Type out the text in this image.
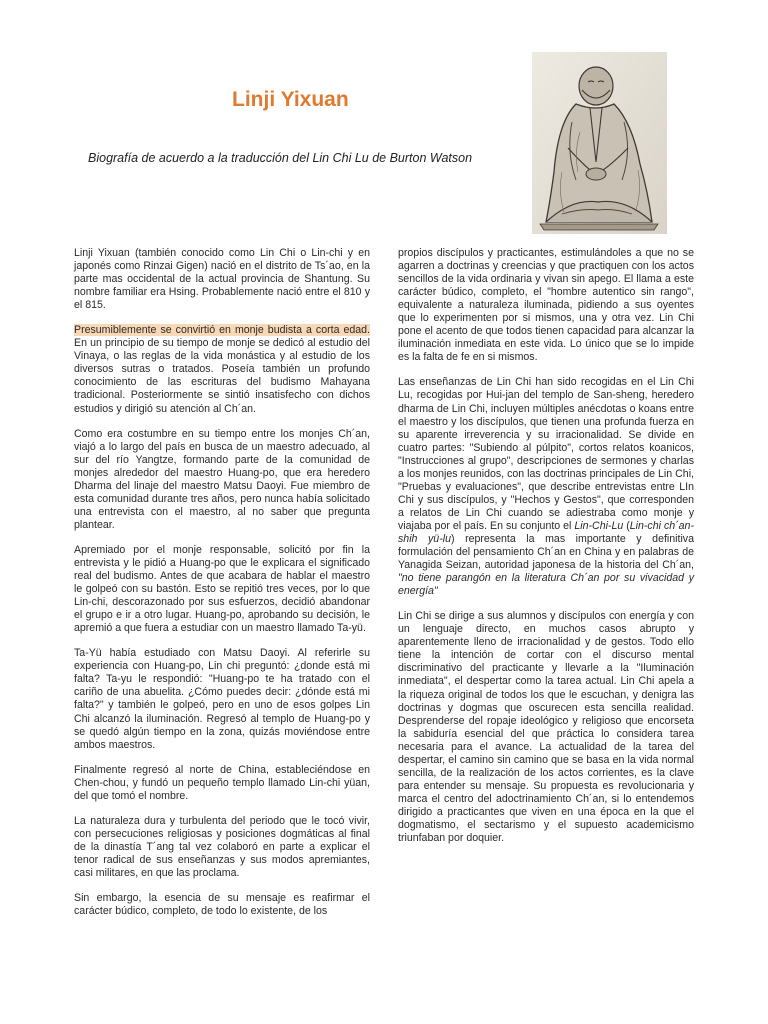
Linji Yixuan

Biografía de acuerdo a la traducción del Lin Chi Lu de Burton Watson

Linji Yixuan (también conocido como Lin Chi o Lin-chi y en japonés como Rinzai Gigen) nació en el distrito de Ts´ao, en la parte mas occidental de la actual provincia de Shantung. Su nombre familiar era Hsing. Probablemente nació entre el 810 y el 815.

Presumiblemente se convirtió en monje budista a corta edad. En un principio de su tiempo de monje se dedicó al estudio del Vinaya, o las reglas de la vida monástica y al estudio de los diversos sutras o tratados. Poseía también un profundo conocimiento de las escrituras del budismo Mahayana tradicional. Posteriormente se sintió insatisfecho con dichos estudios y dirigió su atención al Ch´an.

Como era costumbre en su tiempo entre los monjes Ch´an, viajó a lo largo del país en busca de un maestro adecuado, al sur del río Yangtze, formando parte de la comunidad de monjes alrededor del maestro Huang-po, que era heredero Dharma del linaje del maestro Matsu Daoyi. Fue miembro de esta comunidad durante tres años, pero nunca había solicitado una entrevista con el maestro, al no saber que pregunta plantear.

Apremiado por el monje responsable, solicitó por fin la entrevista y le pidió a Huang-po que le explicara el significado real del budismo. Antes de que acabara de hablar el maestro le golpeó con su bastón. Esto se repitió tres veces, por lo que Lin-chi, descorazonado por sus esfuerzos, decidió abandonar el grupo e ir a otro lugar. Huang-po, aprobando su decisión, le apremió a que fuera a estudiar con un maestro llamado Ta-yü.

Ta-Yü había estudiado con Matsu Daoyi. Al referirle su experiencia con Huang-po, Lin chi preguntó: ¿donde está mi falta? Ta-yu le respondió: "Huang-po te ha tratado con el cariño de una abuelita. ¿Cómo puedes decir: ¿dónde está mi falta?" y también le golpeó, pero en uno de esos golpes Lin Chi alcanzó la iluminación. Regresó al templo de Huang-po y se quedó algún tiempo en la zona, quizás moviéndose entre ambos maestros.

Finalmente regresó al norte de China, estableciéndose en Chen-chou, y fundó un pequeño templo llamado Lin-chi yüan, del que tomó el nombre.

La naturaleza dura y turbulenta del periodo que le tocó vivir, con persecuciones religiosas y posiciones dogmáticas al final de la dinastía T´ang tal vez colaboró en parte a explicar el tenor radical de sus enseñanzas y sus modos apremiantes, casi militares, en que las proclama.

Sin embargo, la esencia de su mensaje es reafirmar el carácter búdico, completo, de todo lo existente, de los

propios discípulos y practicantes, estimulándoles a que no se agarren a doctrinas y creencias y que practiquen con los actos sencillos de la vida ordinaria y vivan sin apego. El llama a este carácter búdico, completo, el "hombre autentico sin rango", equivalente a naturaleza iluminada, pidiendo a sus oyentes que lo experimenten por si mismos, una y otra vez. Lin Chi pone el acento de que todos tienen capacidad para alcanzar la iluminación inmediata en este vida. Lo único que se lo impide es la falta de fe en si mismos.

Las enseñanzas de Lin Chi han sido recogidas en el Lin Chi Lu, recogidas por Hui-jan del templo de San-sheng, heredero dharma de Lin Chi, incluyen múltiples anécdotas o koans entre el maestro y los discípulos, que tienen una profunda fuerza en su aparente irreverencia y su irracionalidad. Se divide en cuatro partes: "Subiendo al púlpito", cortos relatos koanicos, "Instrucciones al grupo", descripciones de sermones y charlas a los monjes reunidos, con las doctrinas principales de Lin Chi, "Pruebas y evaluaciones", que describe entrevistas entre LIn Chi y sus discípulos, y "Hechos y Gestos", que corresponden a relatos de Lin Chi cuando se adiestraba como monje y viajaba por el país. En su conjunto el Lin-Chi-Lu (Lin-chi ch´an-shih yü-lu) representa la mas importante y definitiva formulación del pensamiento Ch´an en China y en palabras de Yanagida Seizan, autoridad japonesa de la historia del Ch´an, "no tiene parangón en la literatura Ch´an por su vivacidad y energía"

Lin Chi se dirige a sus alumnos y discípulos con energía y con un lenguaje directo, en muchos casos abrupto y aparentemente lleno de irracionalidad y de gestos. Todo ello tiene la intención de cortar con el discurso mental discriminativo del practicante y llevarle a la "Iluminación inmediata", el despertar como la tarea actual. Lin Chi apela a la riqueza original de todos los que le escuchan, y denigra las doctrinas y dogmas que oscurecen esta sencilla realidad. Desprenderse del ropaje ideológico y religioso que encorseta la sabiduría esencial del que práctica lo considera tarea necesaria para el avance. La actualidad de la tarea del despertar, el camino sin camino que se basa en la vida normal sencilla, de la realización de los actos corrientes, es la clave para entender su mensaje. Su propuesta es revolucionaria y marca el centro del adoctrinamiento Ch´an, si lo entendemos dirigido a practicantes que viven en una época en la que el dogmatismo, el sectarismo y el supuesto academicismo triunfaban por doquier.
